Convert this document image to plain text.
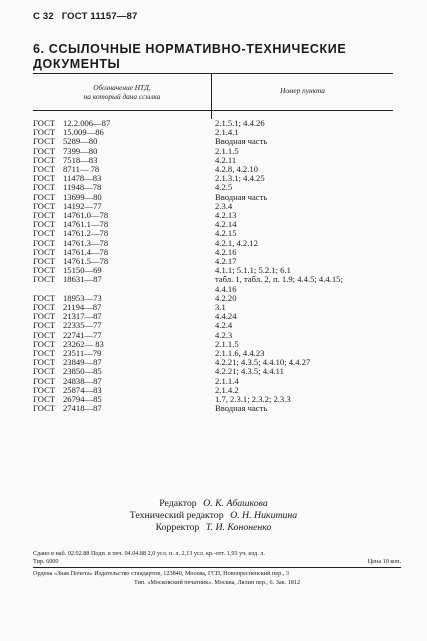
С 32 ГОСТ 11157—87
6. ССЫЛОЧНЫЕ НОРМАТИВНО-ТЕХНИЧЕСКИЕ ДОКУМЕНТЫ
Обозначение НТД,
на который дана ссылка
Номер пункта
ГОСТ 12.2.006—87	2.1.5.1; 4.4.26
ГОСТ 15.009—86	2.1.4.1
ГОСТ 5289—80	Вводная часть
ГОСТ 7399—80	2.1.1.5
ГОСТ 7518—83	4.2.11
ГОСТ 8711— 78	4.2.8, 4.2.10
ГОСТ 11478—83	2.1.3.1; 4.4.25
ГОСТ 11948—78	4.2.5
ГОСТ 13699—80	Вводная часть
ГОСТ 14192—77	2.3.4
ГОСТ 14761.0—78	4.2.13
ГОСТ 14761.1—78	4.2.14
ГОСТ 14761.2—78	4.2.15
ГОСТ 14761.3—78	4.2.1, 4.2.12
ГОСТ 14761.4—78	4.2.16
ГОСТ 14761.5—78	4.2.17
ГОСТ 15150—69	4.1.1; 5.1.1; 5.2.1; 6.1
ГОСТ 18631—87	табл. 1, табл. 2, п. 1.9; 4.4.5; 4.4.15;
4.4.16
ГОСТ 18953—73	4.2.20
ГОСТ 21194—87	3.1
ГОСТ 21317—87	4.4.24
ГОСТ 22335—77	4.2.4
ГОСТ 22741—77	4.2.3
ГОСТ 23262— 83	2.1.1.5
ГОСТ 23511—79	2.1.1.6, 4.4.23
ГОСТ 23849—87	4.2.21; 4.3.5; 4.4.10; 4.4.27
ГОСТ 23850—85	4.2.21; 4.3.5; 4.4.11
ГОСТ 24838—87	2.1.1.4
ГОСТ 25874—83	2.1.4.2
ГОСТ 26794—85	1.7, 2.3.1; 2.3.2; 2.3.3
ГОСТ 27418—87	Вводная часть
Редактор О. К. Абашкова
Технический редактор О. Н. Никитина
Корректор Т. И. Кононенко
Сдано в наб. 02.02.88 Подп. в печ. 04.04.88 2,0 усл. п. л. 2,13 усл. кр.-отт. 1,93 уч. изд. л.
Тир. 6000	Цена 10 коп.
Ордена «Знак Почета» Издательство стандартов, 123840, Москва, ГСП, Новопресненский пер., 3
Тип. «Московский печатник». Москва, Лялин пер., 6. Зак. 1812
